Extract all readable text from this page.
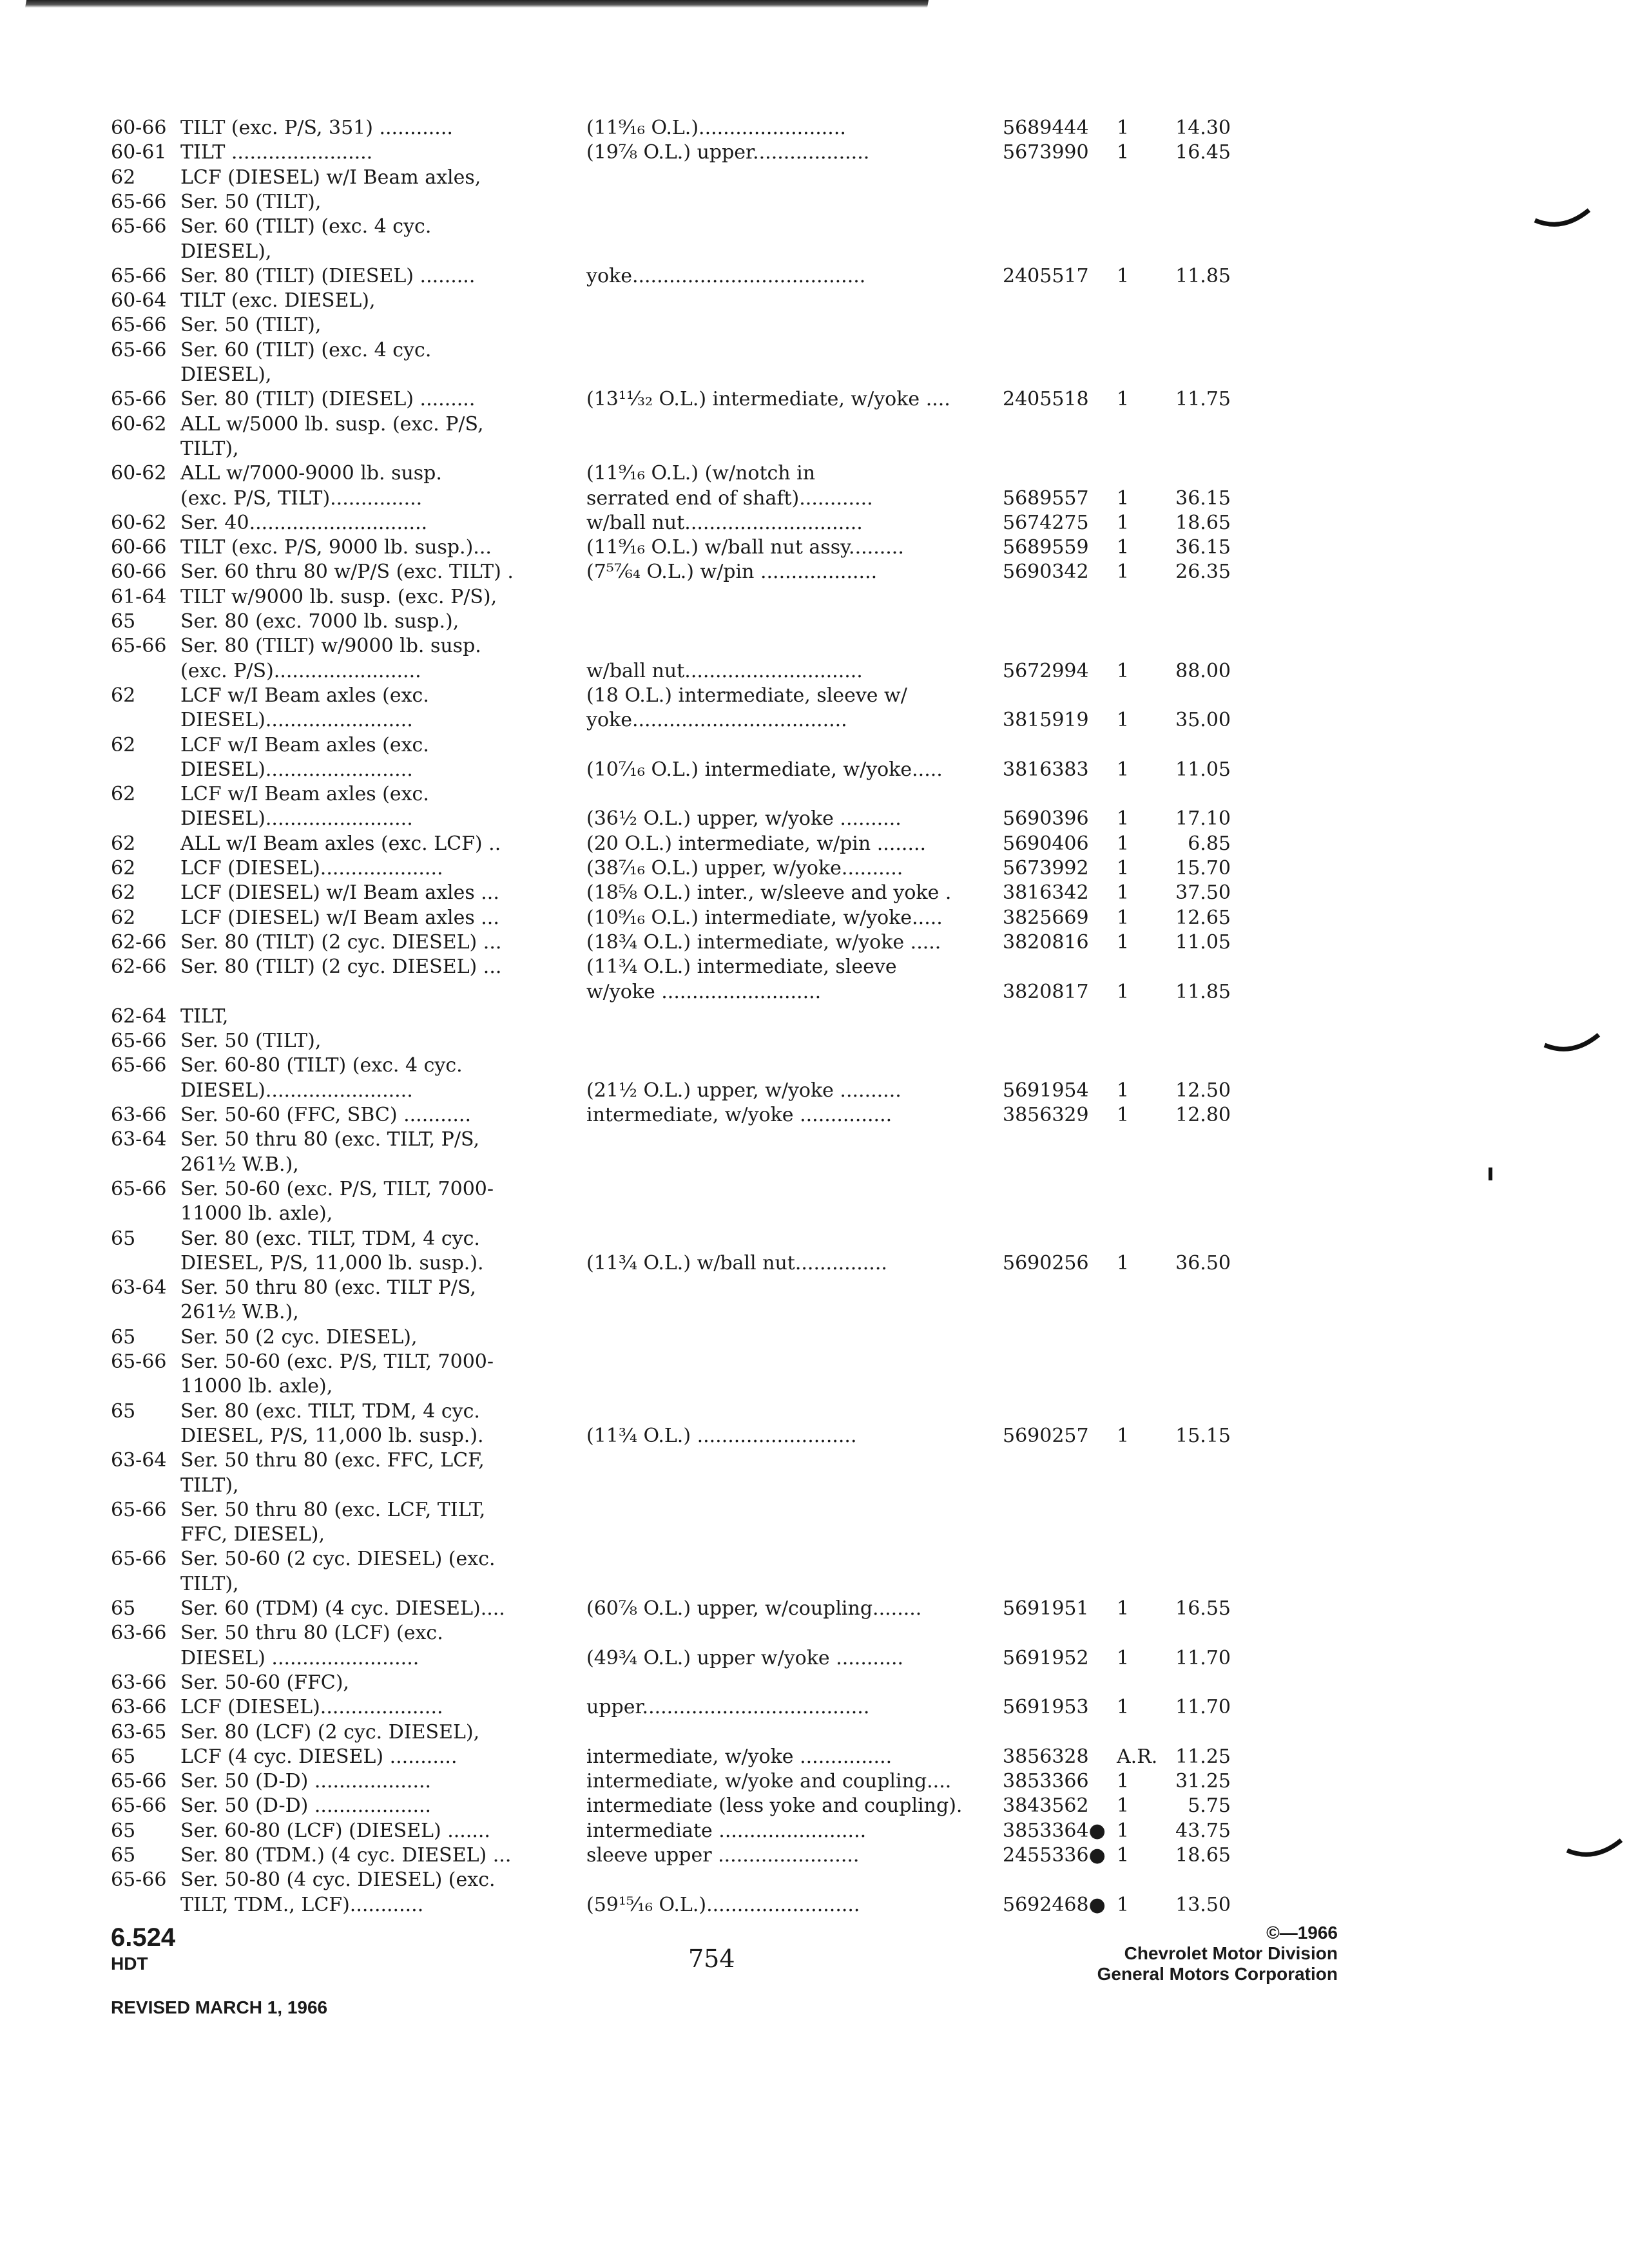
60-66 TILT (exc. P/S, 351) ............	(11⁹⁄₁₆ O.L.)........................	5689444 1	14.30
60-61 TILT .......................	(19⅞ O.L.) upper...................	5673990 1	16.45
62 LCF (DIESEL) w/I Beam axles,
65-66 Ser. 50 (TILT),
65-66 Ser. 60 (TILT) (exc. 4 cyc.
DIESEL),
65-66 Ser. 80 (TILT) (DIESEL) .........	yoke......................................	2405517 1	11.85
60-64 TILT (exc. DIESEL),
65-66 Ser. 50 (TILT),
65-66 Ser. 60 (TILT) (exc. 4 cyc.
DIESEL),
65-66 Ser. 80 (TILT) (DIESEL) .........	(13¹¹⁄₃₂ O.L.) intermediate, w/yoke ....	2405518 1	11.75
60-62 ALL w/5000 lb. susp. (exc. P/S,
TILT),
60-62 ALL w/7000-9000 lb. susp.	(11⁹⁄₁₆ O.L.) (w/notch in
(exc. P/S, TILT)...............	serrated end of shaft)............	5689557 1	36.15
60-62 Ser. 40.............................	w/ball nut.............................	5674275 1	18.65
60-66 TILT (exc. P/S, 9000 lb. susp.)...	(11⁹⁄₁₆ O.L.) w/ball nut assy.........	5689559 1	36.15
60-66 Ser. 60 thru 80 w/P/S (exc. TILT) .	(7⁵⁷⁄₆₄ O.L.) w/pin ...................	5690342 1	26.35
61-64 TILT w/9000 lb. susp. (exc. P/S),
65 Ser. 80 (exc. 7000 lb. susp.),
65-66 Ser. 80 (TILT) w/9000 lb. susp.
(exc. P/S)........................	w/ball nut.............................	5672994 1	88.00
62 LCF w/I Beam axles (exc.	(18 O.L.) intermediate, sleeve w/
DIESEL)........................	yoke...................................	3815919 1	35.00
62 LCF w/I Beam axles (exc.
DIESEL)........................	(10⁷⁄₁₆ O.L.) intermediate, w/yoke.....	3816383 1	11.05
62 LCF w/I Beam axles (exc.
DIESEL)........................	(36½ O.L.) upper, w/yoke ..........	5690396 1	17.10
62 ALL w/I Beam axles (exc. LCF) ..	(20 O.L.) intermediate, w/pin ........	5690406 1	6.85
62 LCF (DIESEL)....................	(38⁷⁄₁₆ O.L.) upper, w/yoke..........	5673992 1	15.70
62 LCF (DIESEL) w/I Beam axles ...	(18⅝ O.L.) inter., w/sleeve and yoke .	3816342 1	37.50
62 LCF (DIESEL) w/I Beam axles ...	(10⁹⁄₁₆ O.L.) intermediate, w/yoke.....	3825669 1	12.65
62-66 Ser. 80 (TILT) (2 cyc. DIESEL) ...	(18¾ O.L.) intermediate, w/yoke .....	3820816 1	11.05
62-66 Ser. 80 (TILT) (2 cyc. DIESEL) ...	(11¾ O.L.) intermediate, sleeve
w/yoke ..........................	3820817 1	11.85
62-64 TILT,
65-66 Ser. 50 (TILT),
65-66 Ser. 60-80 (TILT) (exc. 4 cyc.
DIESEL)........................	(21½ O.L.) upper, w/yoke ..........	5691954 1	12.50
63-66 Ser. 50-60 (FFC, SBC) ...........	intermediate, w/yoke ...............	3856329 1	12.80
63-64 Ser. 50 thru 80 (exc. TILT, P/S,
261½ W.B.),
65-66 Ser. 50-60 (exc. P/S, TILT, 7000-
11000 lb. axle),
65 Ser. 80 (exc. TILT, TDM, 4 cyc.
DIESEL, P/S, 11,000 lb. susp.).	(11¾ O.L.) w/ball nut...............	5690256 1	36.50
63-64 Ser. 50 thru 80 (exc. TILT P/S,
261½ W.B.),
65 Ser. 50 (2 cyc. DIESEL),
65-66 Ser. 50-60 (exc. P/S, TILT, 7000-
11000 lb. axle),
65 Ser. 80 (exc. TILT, TDM, 4 cyc.
DIESEL, P/S, 11,000 lb. susp.).	(11¾ O.L.) ..........................	5690257 1	15.15
63-64 Ser. 50 thru 80 (exc. FFC, LCF,
TILT),
65-66 Ser. 50 thru 80 (exc. LCF, TILT,
FFC, DIESEL),
65-66 Ser. 50-60 (2 cyc. DIESEL) (exc.
TILT),
65 Ser. 60 (TDM) (4 cyc. DIESEL)....	(60⅞ O.L.) upper, w/coupling........	5691951 1	16.55
63-66 Ser. 50 thru 80 (LCF) (exc.
DIESEL) ........................	(49¾ O.L.) upper w/yoke ...........	5691952 1	11.70
63-66 Ser. 50-60 (FFC),
63-66 LCF (DIESEL)....................	upper.....................................	5691953 1	11.70
63-65 Ser. 80 (LCF) (2 cyc. DIESEL),
65 LCF (4 cyc. DIESEL) ...........	intermediate, w/yoke ...............	3856328 A.R. 11.25
65-66 Ser. 50 (D-D) ...................	intermediate, w/yoke and coupling....	3853366 1	31.25
65-66 Ser. 50 (D-D) ...................	intermediate (less yoke and coupling).	3843562 1	5.75
65 Ser. 60-80 (LCF) (DIESEL) .......	intermediate ........................	3853364● 1	43.75
65 Ser. 80 (TDM.) (4 cyc. DIESEL) ...	sleeve upper .......................	2455336● 1	18.65
65-66 Ser. 50-80 (4 cyc. DIESEL) (exc.
TILT, TDM., LCF)............	(59¹⁵⁄₁₆ O.L.).........................	5692468● 1	13.50
6.524
HDT
REVISED MARCH 1, 1966
754
©—1966
Chevrolet Motor Division
General Motors Corporation
